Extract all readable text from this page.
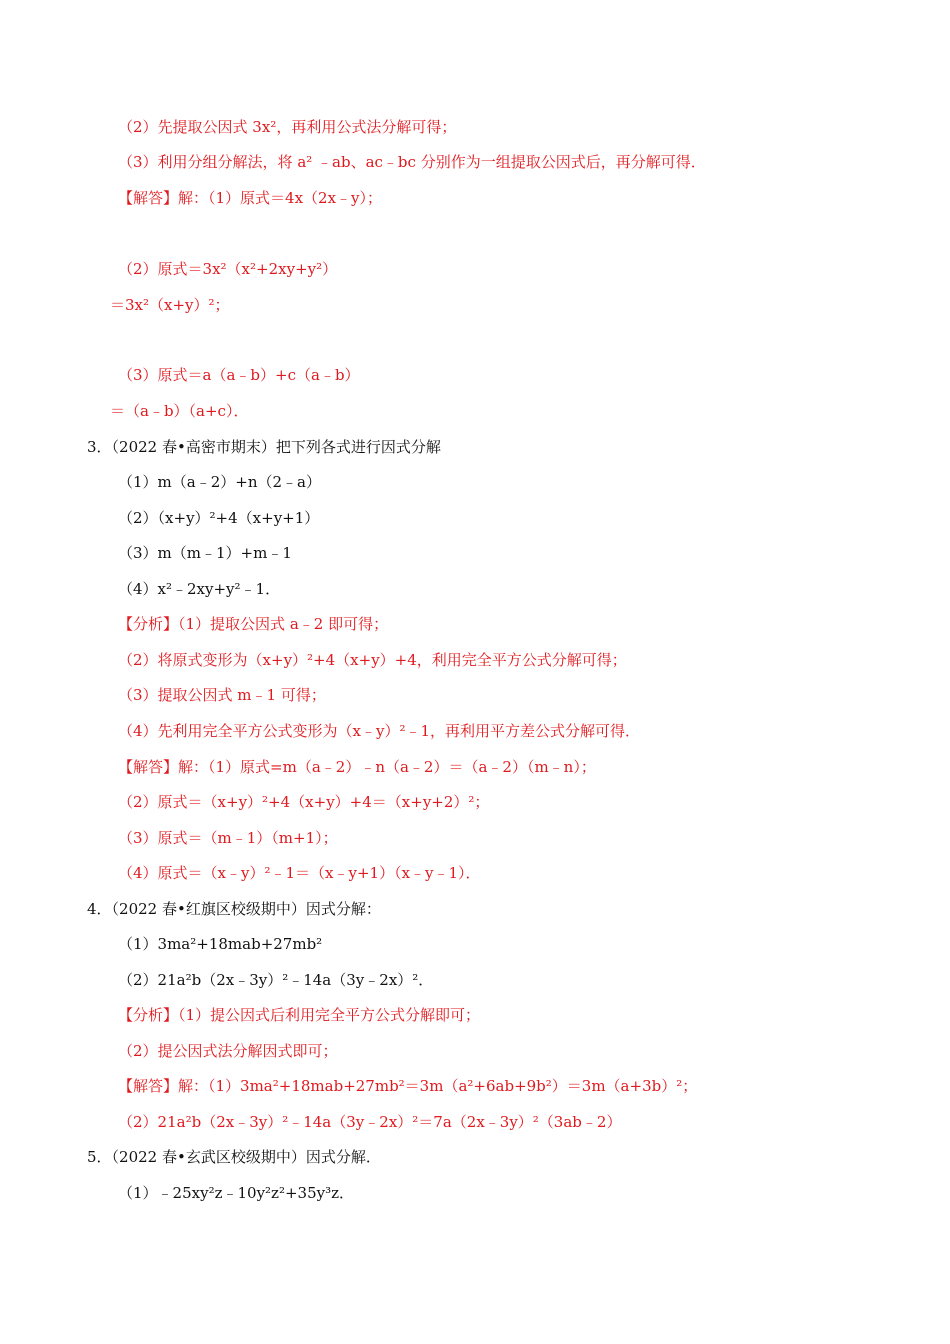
（2）先提取公因式 3x²，再利用公式法分解可得；
（3）利用分组分解法，将 a² ﹣ab、ac﹣bc 分别作为一组提取公因式后，再分解可得．
【解答】解：（1）原式＝4x（2x﹣y）；
（2）原式＝3x²（x²+2xy+y²）
＝3x²（x+y）²；
（3）原式＝a（a﹣b）+c（a﹣b）
＝（a﹣b）（a+c）．
3．（2022 春•高密市期末）把下列各式进行因式分解
（1）m（a﹣2）+n（2﹣a）
（2）（x+y）²+4（x+y+1）
（3）m（m﹣1）+m﹣1
（4）x²﹣2xy+y²﹣1．
【分析】（1）提取公因式 a﹣2 即可得；
（2）将原式变形为（x+y）²+4（x+y）+4，利用完全平方公式分解可得；
（3）提取公因式 m﹣1 可得；
（4）先利用完全平方公式变形为（x﹣y）²﹣1，再利用平方差公式分解可得．
【解答】解：（1）原式=m（a﹣2）﹣n（a﹣2）＝（a﹣2）（m﹣n）；
（2）原式＝（x+y）²+4（x+y）+4＝（x+y+2）²；
（3）原式＝（m﹣1）（m+1）；
（4）原式＝（x﹣y）²﹣1＝（x﹣y+1）（x﹣y﹣1）．
4．（2022 春•红旗区校级期中）因式分解：
（1）3ma²+18mab+27mb²
（2）21a²b（2x﹣3y）²﹣14a（3y﹣2x）²．
【分析】（1）提公因式后利用完全平方公式分解即可；
（2）提公因式法分解因式即可；
【解答】解：（1）3ma²+18mab+27mb²＝3m（a²+6ab+9b²）＝3m（a+3b）²；
（2）21a²b（2x﹣3y）²﹣14a（3y﹣2x）²＝7a（2x﹣3y）²（3ab﹣2）
5．（2022 春•玄武区校级期中）因式分解．
（1）﹣25xy²z﹣10y²z²+35y³z．
